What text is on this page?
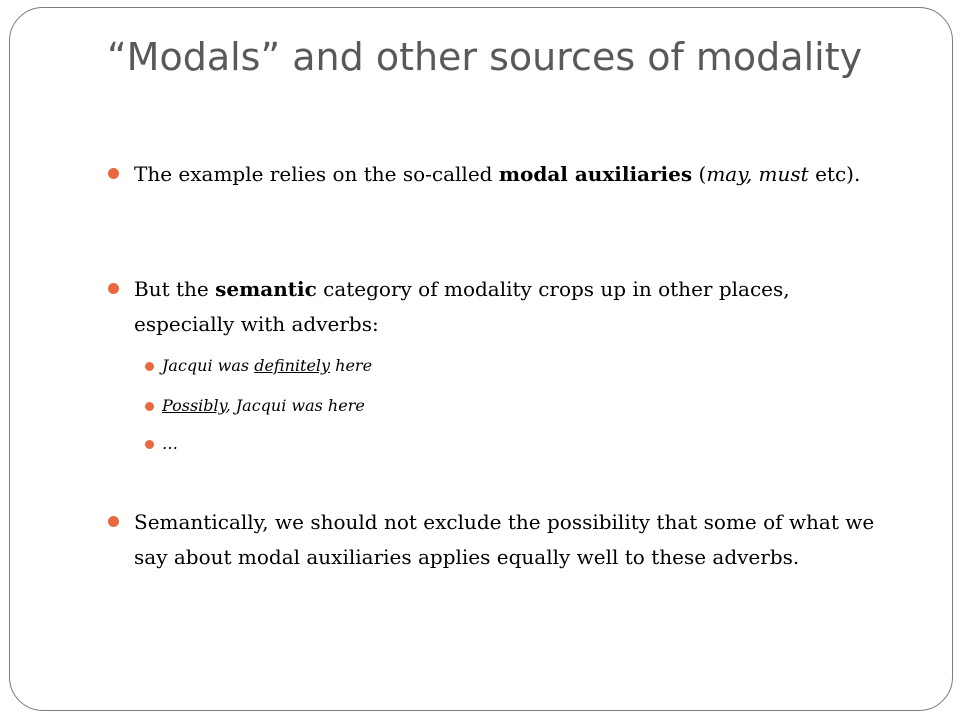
“Modals” and other sources of modality

The example relies on the so-called modal auxiliaries (may, must etc).

But the semantic category of modality crops up in other places, especially with adverbs:

Jacqui was definitely here

Possibly, Jacqui was here

…

Semantically, we should not exclude the possibility that some of what we say about modal auxiliaries applies equally well to these adverbs.
